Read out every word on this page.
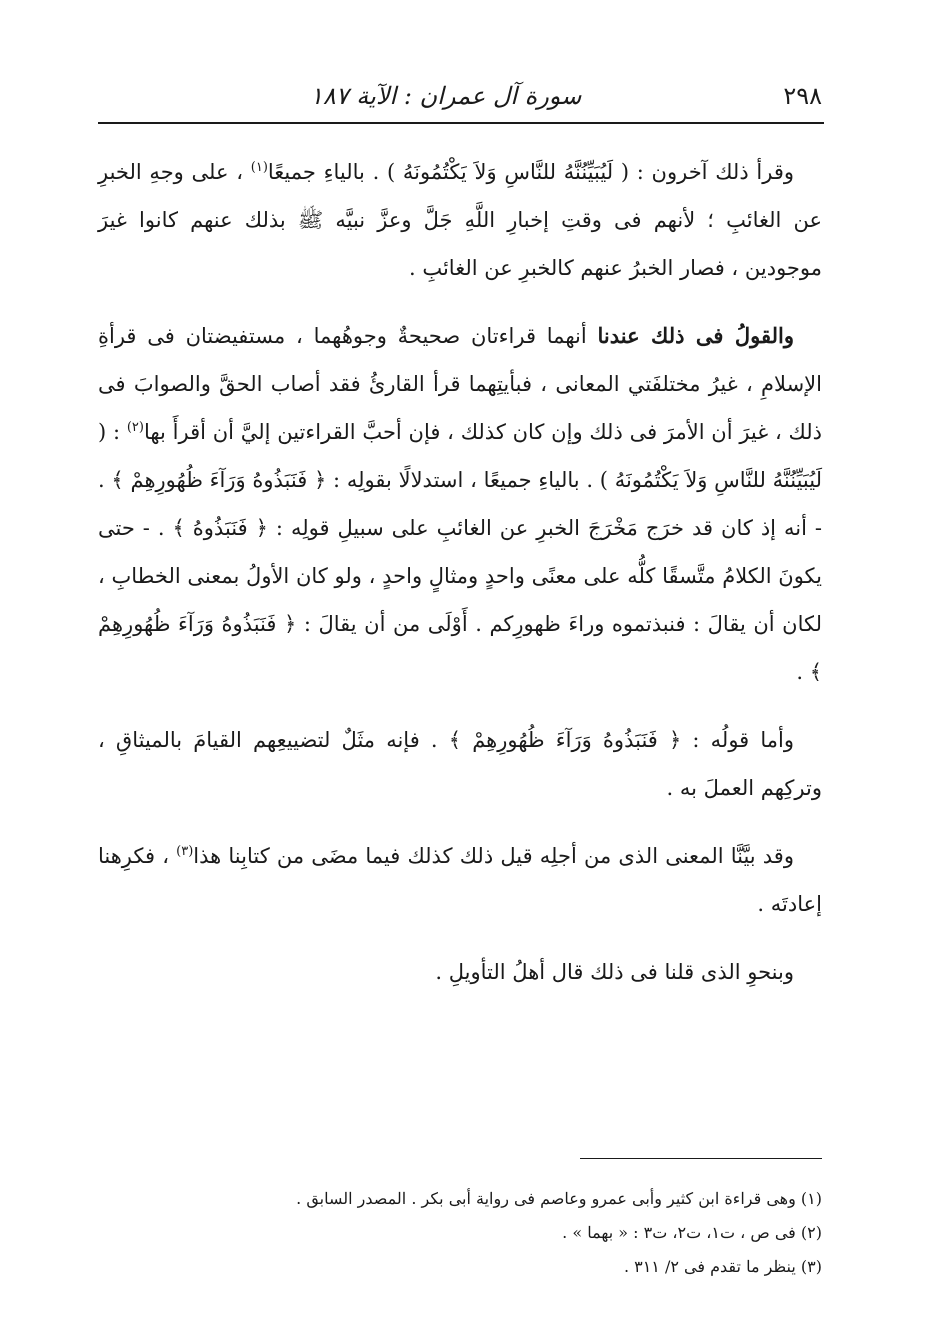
٢٩٨
سورة آل عمران : الآية ١٨٧

وقرأ ذلك آخرون : ( لَيُبَيِّنُنَّهُ للنَّاسِ وَلاَ يَكْتُمُونَهُ ) . بالياءِ جميعًا$^{(١)}$ ، على وجهِ الخبرِ عن الغائبِ ؛ لأنهم فى وقتِ إخبارِ اللَّهِ جَلَّ وعزَّ نبيَّه ﷺ بذلك عنهم كانوا غيرَ موجودين ، فصار الخبرُ عنهم كالخبرِ عن الغائبِ .

والقولُ فى ذلك عندنا أنهما قراءتان صحيحةٌ وجوهُهما ، مستفيضتان فى قرأةِ الإسلامِ ، غيرُ مختلفَتي المعانى ، فبأيتِهما قرأ القارئُ فقد أصاب الحقَّ والصوابَ فى ذلك ، غيرَ أن الأمرَ فى ذلك وإن كان كذلك ، فإن أحبَّ القراءتين إليَّ أن أقرأَ بها$^{(٢)}$ : ( لَيُبَيِّنُنَّهُ للنَّاسِ وَلاَ يَكْتُمُونَهُ ) . بالياءِ جميعًا ، استدلالًا بقولِه : ﴿ فَنَبَذُوهُ وَرَآءَ ظُهُورِهِمْ ﴾ . - أنه إذ كان قد خرَج مَخْرَجَ الخبرِ عن الغائبِ على سبيلِ قولِه : ﴿ فَنَبَذُوهُ ﴾ . - حتى يكونَ الكلامُ متَّسقًا كلُّه على معنًى واحدٍ ومثالٍ واحدٍ ، ولو كان الأولُ بمعنى الخطابِ ، لكان أن يقالَ : فنبذتموه وراءَ ظهورِكم . أَوْلَى من أن يقالَ : ﴿ فَنَبَذُوهُ وَرَآءَ ظُهُورِهِمْ ﴾ .

وأما قولُه : ﴿ فَنَبَذُوهُ وَرَآءَ ظُهُورِهِمْ ﴾ . فإنه مثَلٌ لتضييعِهم القيامَ بالميثاقِ ، وتركِهم العملَ به .

وقد بيَّنَّا المعنى الذى من أجلِه قيل ذلك كذلك فيما مضَى من كتابِنا هذا$^{(٣)}$ ، فكرِهنا إعادتَه .

وبنحوِ الذى قلنا فى ذلك قال أهلُ التأويلِ .

(١) وهى قراءة ابن كثير وأبى عمرو وعاصم فى رواية أبى بكر . المصدر السابق .

(٢) فى ص ، ت١، ت٢، ت٣ : « بهما » .

(٣) ينظر ما تقدم فى ٢/ ٣١١ .
